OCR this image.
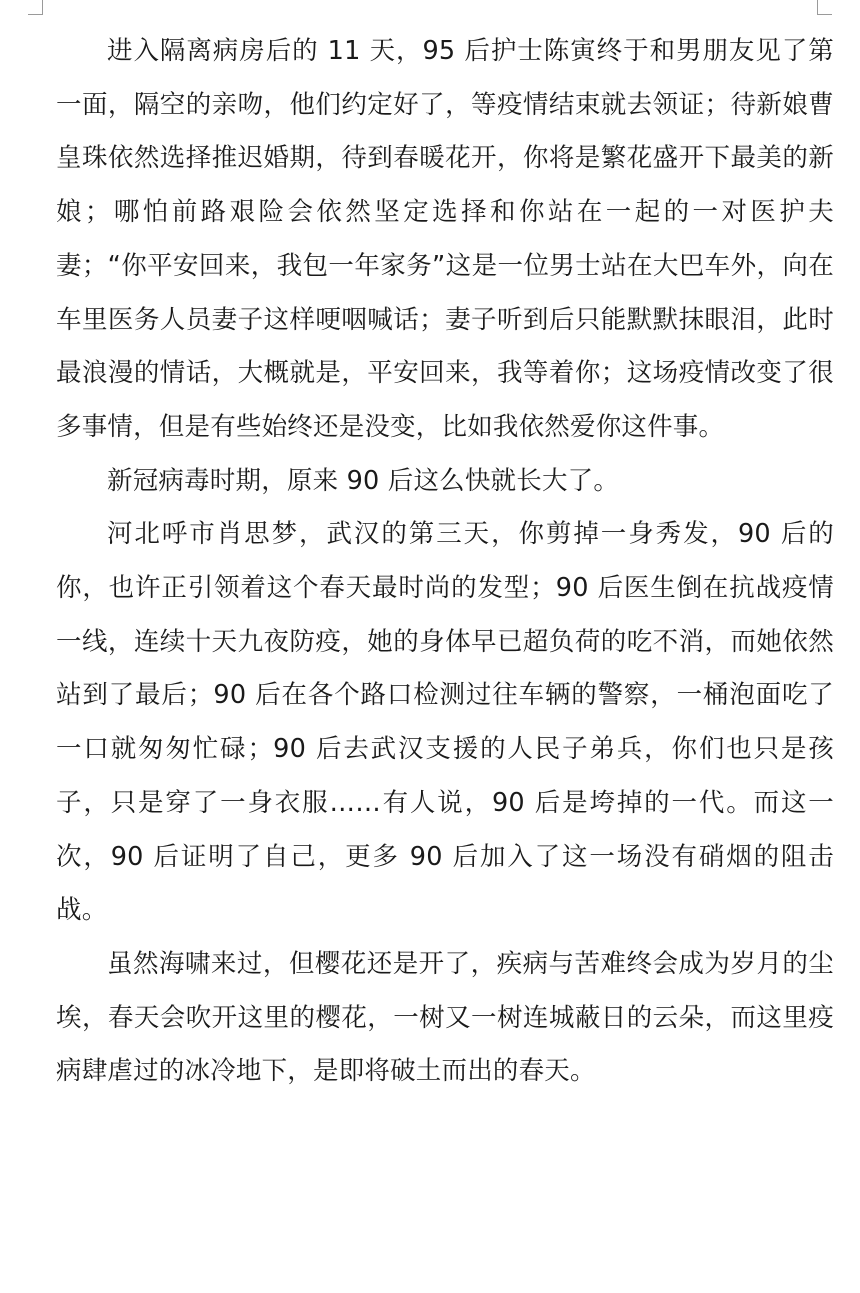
进入隔离病房后的 11 天，95 后护士陈寅终于和男朋友见了第一面，隔空的亲吻，他们约定好了，等疫情结束就去领证；待新娘曹皇珠依然选择推迟婚期，待到春暖花开，你将是繁花盛开下最美的新娘；哪怕前路艰险会依然坚定选择和你站在一起的一对医护夫妻；“你平安回来，我包一年家务”这是一位男士站在大巴车外，向在车里医务人员妻子这样哽咽喊话；妻子听到后只能默默抹眼泪，此时最浪漫的情话，大概就是，平安回来，我等着你；这场疫情改变了很多事情，但是有些始终还是没变，比如我依然爱你这件事。

新冠病毒时期，原来 90 后这么快就长大了。

河北呼市肖思梦，武汉的第三天，你剪掉一身秀发，90 后的你，也许正引领着这个春天最时尚的发型；90 后医生倒在抗战疫情一线，连续十天九夜防疫，她的身体早已超负荷的吃不消，而她依然站到了最后；90 后在各个路口检测过往车辆的警察，一桶泡面吃了一口就匆匆忙碌；90 后去武汉支援的人民子弟兵，你们也只是孩子，只是穿了一身衣服……有人说，90 后是垮掉的一代。而这一次，90 后证明了自己，更多 90 后加入了这一场没有硝烟的阻击战。

虽然海啸来过，但樱花还是开了，疾病与苦难终会成为岁月的尘埃，春天会吹开这里的樱花，一树又一树连城蔽日的云朵，而这里疫病肆虐过的冰冷地下，是即将破土而出的春天。
